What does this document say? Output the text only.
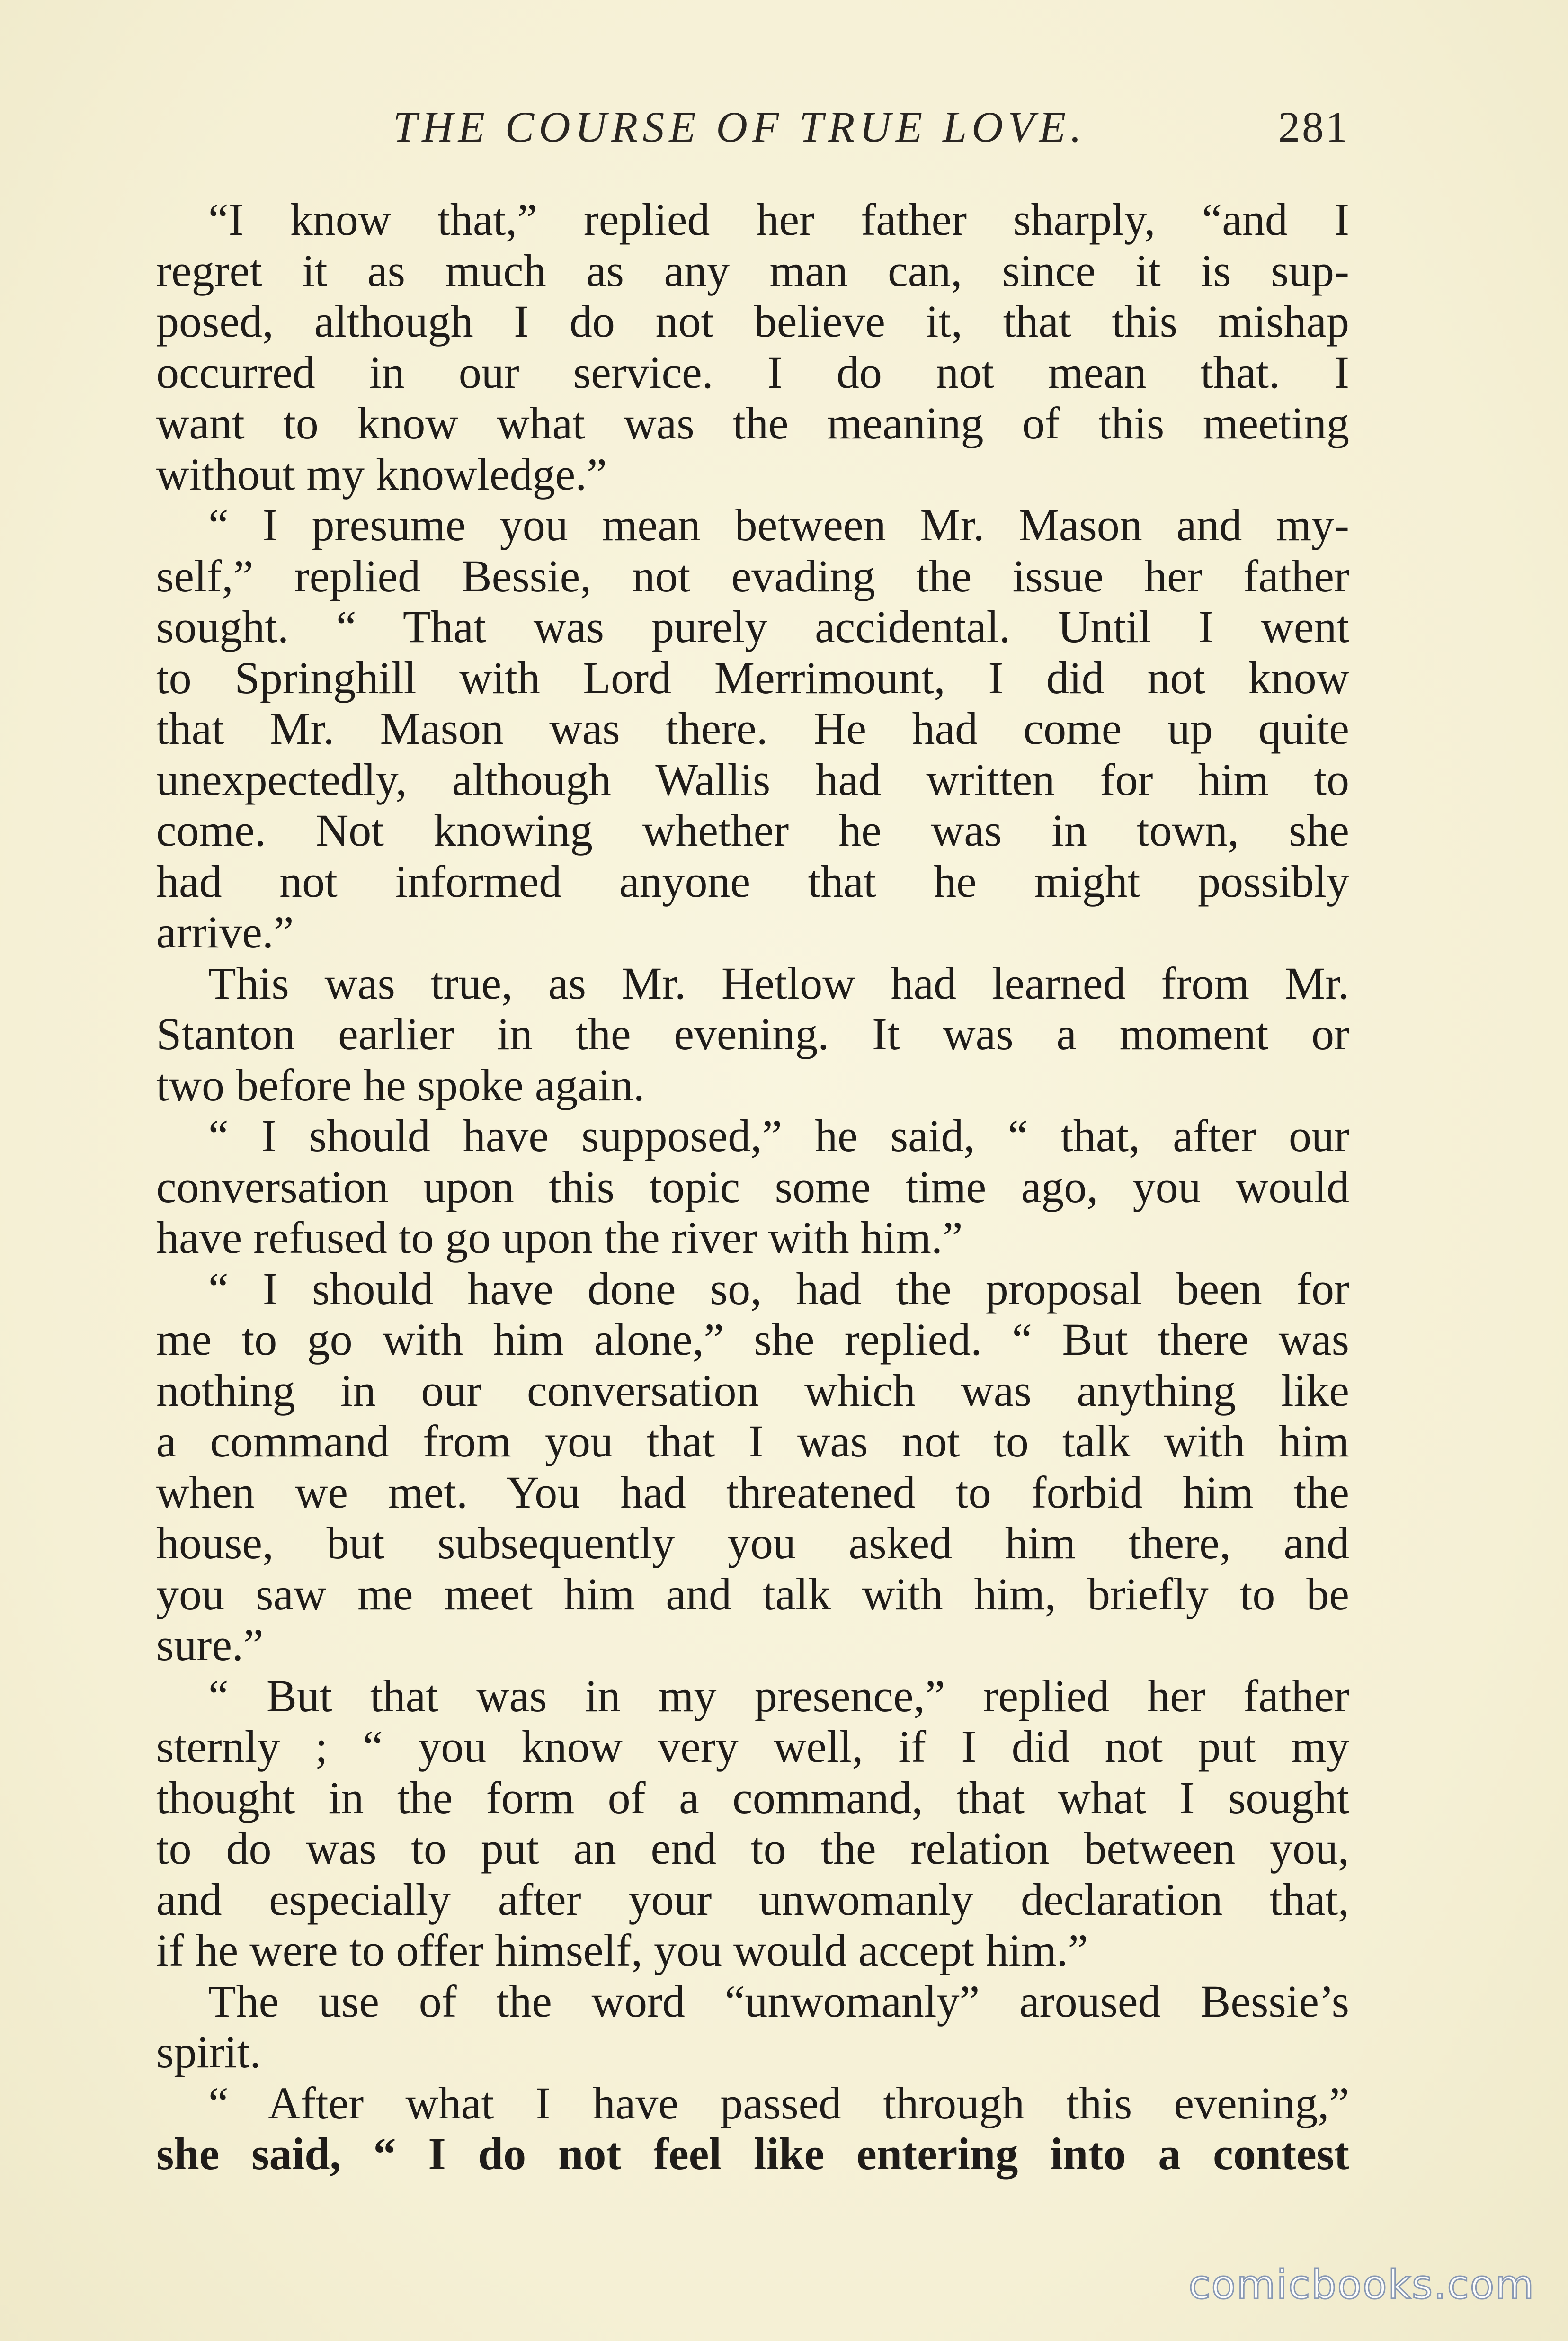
THE COURSE OF TRUE LOVE.	281
“I know that,” replied her father sharply, “and I
regret it as much as any man can, since it is sup-
posed, although I do not believe it, that this mishap
occurred in our service. I do not mean that. I
want to know what was the meaning of this meeting
without my knowledge.”
“ I presume you mean between Mr. Mason and my-
self,” replied Bessie, not evading the issue her father
sought. “ That was purely accidental. Until I went
to Springhill with Lord Merrimount, I did not know
that Mr. Mason was there. He had come up quite
unexpectedly, although Wallis had written for him to
come. Not knowing whether he was in town, she
had not informed anyone that he might possibly
arrive.”
This was true, as Mr. Hetlow had learned from Mr.
Stanton earlier in the evening. It was a moment or
two before he spoke again.
“ I should have supposed,” he said, “ that, after our
conversation upon this topic some time ago, you would
have refused to go upon the river with him.”
“ I should have done so, had the proposal been for
me to go with him alone,” she replied. “ But there was
nothing in our conversation which was anything like
a command from you that I was not to talk with him
when we met. You had threatened to forbid him the
house, but subsequently you asked him there, and
you saw me meet him and talk with him, briefly to be
sure.”
“ But that was in my presence,” replied her father
sternly ; “ you know very well, if I did not put my
thought in the form of a command, that what I sought
to do was to put an end to the relation between you,
and especially after your unwomanly declaration that,
if he were to offer himself, you would accept him.”
The use of the word “unwomanly” aroused Bessie’s
spirit.
“ After what I have passed through this evening,”
she said, “ I do not feel like entering into a contest
comicbooks.com
